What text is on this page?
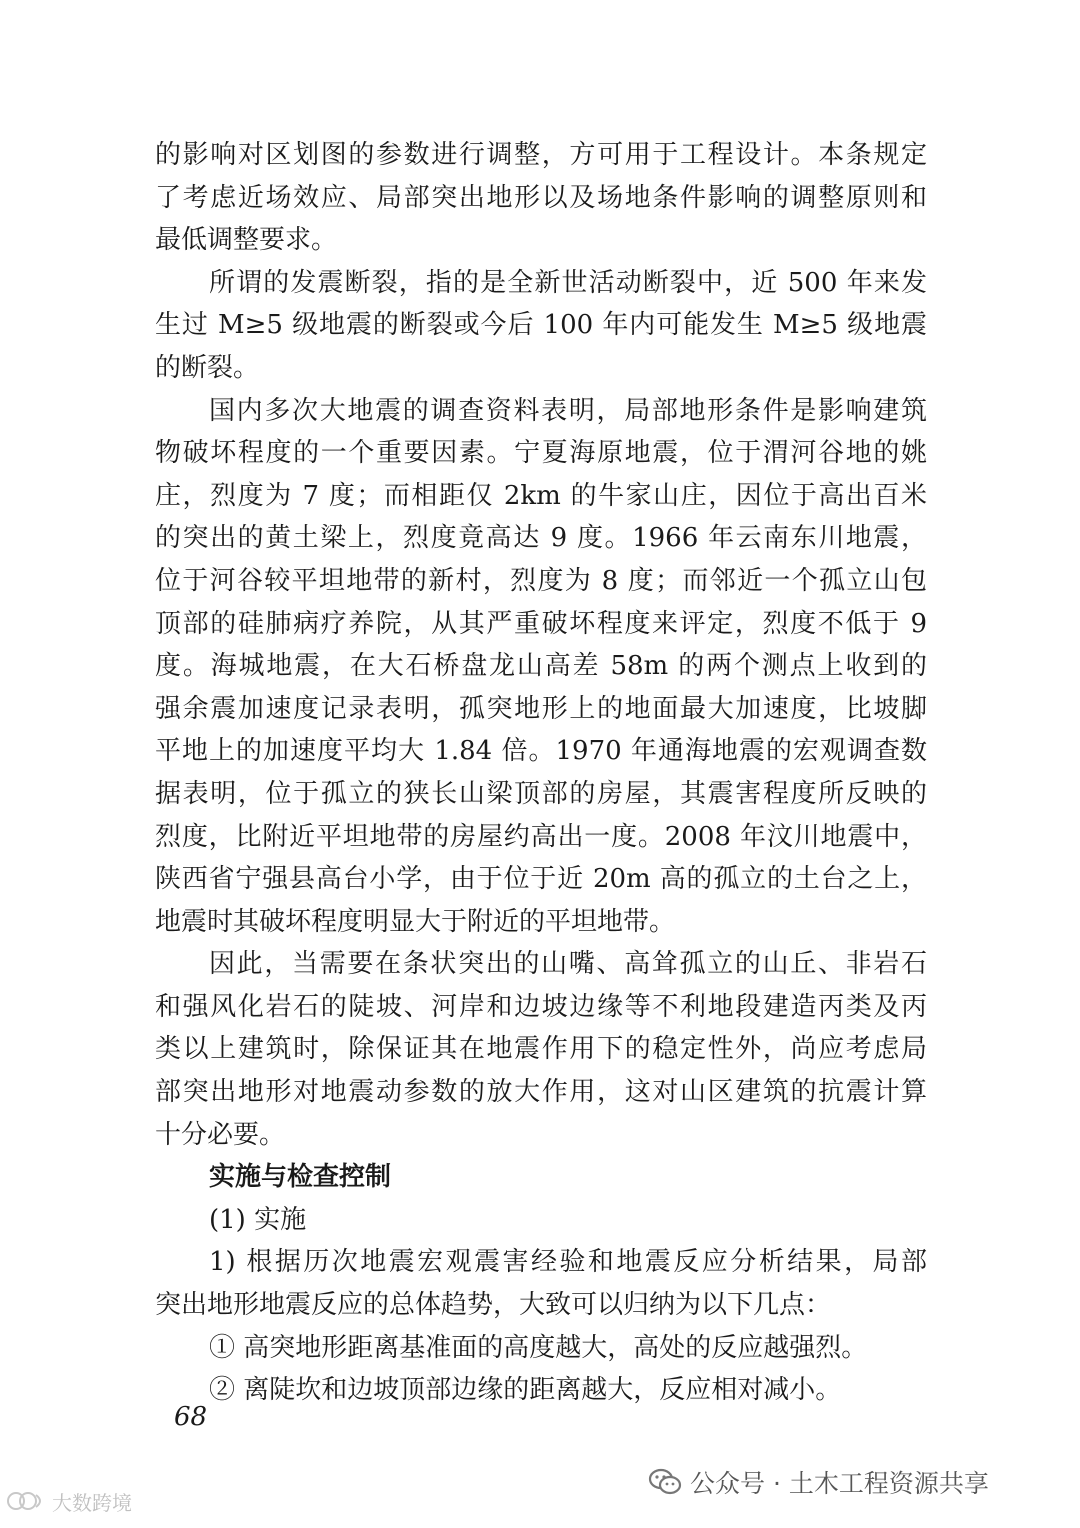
的影响对区划图的参数进行调整，方可用于工程设计。本条规定
了考虑近场效应、局部突出地形以及场地条件影响的调整原则和
最低调整要求。
所谓的发震断裂，指的是全新世活动断裂中，近 500 年来发
生过 M≥5 级地震的断裂或今后 100 年内可能发生 M≥5 级地震
的断裂。
国内多次大地震的调查资料表明，局部地形条件是影响建筑
物破坏程度的一个重要因素。宁夏海原地震，位于渭河谷地的姚
庄，烈度为 7 度；而相距仅 2km 的牛家山庄，因位于高出百米
的突出的黄土梁上，烈度竟高达 9 度。1966 年云南东川地震，
位于河谷较平坦地带的新村，烈度为 8 度；而邻近一个孤立山包
顶部的硅肺病疗养院，从其严重破坏程度来评定，烈度不低于 9
度。海城地震，在大石桥盘龙山高差 58m 的两个测点上收到的
强余震加速度记录表明，孤突地形上的地面最大加速度，比坡脚
平地上的加速度平均大 1.84 倍。1970 年通海地震的宏观调查数
据表明，位于孤立的狭长山梁顶部的房屋，其震害程度所反映的
烈度，比附近平坦地带的房屋约高出一度。2008 年汶川地震中，
陕西省宁强县高台小学，由于位于近 20m 高的孤立的土台之上，
地震时其破坏程度明显大于附近的平坦地带。
因此，当需要在条状突出的山嘴、高耸孤立的山丘、非岩石
和强风化岩石的陡坡、河岸和边坡边缘等不利地段建造丙类及丙
类以上建筑时，除保证其在地震作用下的稳定性外，尚应考虑局
部突出地形对地震动参数的放大作用，这对山区建筑的抗震计算
十分必要。
实施与检查控制
(1) 实施
1) 根据历次地震宏观震害经验和地震反应分析结果，局部
突出地形地震反应的总体趋势，大致可以归纳为以下几点：
① 高突地形距离基准面的高度越大，高处的反应越强烈。
② 离陡坎和边坡顶部边缘的距离越大，反应相对减小。
68
公众号 · 土木工程资源共享
大数跨境
